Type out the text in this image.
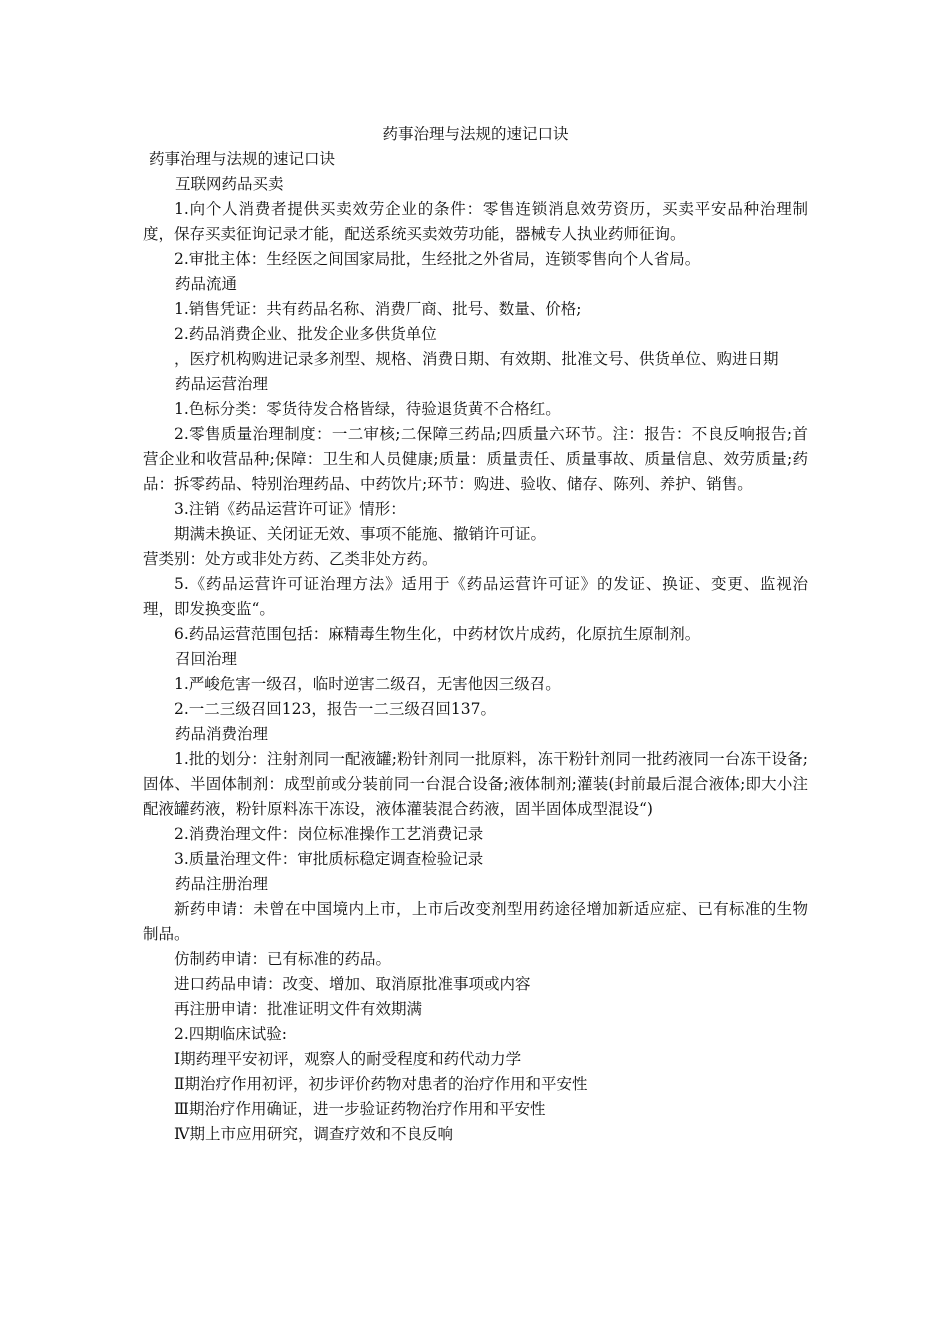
药事治理与法规的速记口诀

药事治理与法规的速记口诀

互联网药品买卖

1.向个人消费者提供买卖效劳企业的条件：零售连锁消息效劳资历，买卖平安品种治理制度，保存买卖征询记录才能，配送系统买卖效劳功能，器械专人执业药师征询。

2.审批主体：生经医之间国家局批，生经批之外省局，连锁零售向个人省局。

药品流通

1.销售凭证：共有药品名称、消费厂商、批号、数量、价格;

2.药品消费企业、批发企业多供货单位

，医疗机构购进记录多剂型、规格、消费日期、有效期、批准文号、供货单位、购进日期

药品运营治理

1.色标分类：零货待发合格皆绿，待验退货黄不合格红。

2.零售质量治理制度：一二审核;二保障三药品;四质量六环节。注：报告：不良反响报告;首营企业和收营品种;保障：卫生和人员健康;质量：质量责任、质量事故、质量信息、效劳质量;药品：拆零药品、特别治理药品、中药饮片;环节：购进、验收、储存、陈列、养护、销售。

3.注销《药品运营许可证》情形：

期满未换证、关闭证无效、事项不能施、撤销许可证。

营类别：处方或非处方药、乙类非处方药。

5.《药品运营许可证治理方法》适用于《药品运营许可证》的发证、换证、变更、监视治理，即发换变监“。

6.药品运营范围包括：麻精毒生物生化，中药材饮片成药，化原抗生原制剂。

召回治理

1.严峻危害一级召，临时逆害二级召，无害他因三级召。

2.一二三级召回123，报告一二三级召回137。

药品消费治理

1.批的划分：注射剂同一配液罐;粉针剂同一批原料，冻干粉针剂同一批药液同一台冻干设备;固体、半固体制剂：成型前或分装前同一台混合设备;液体制剂;灌装(封前最后混合液体;即大小注配液罐药液，粉针原料冻干冻设，液体灌装混合药液，固半固体成型混设“)

2.消费治理文件：岗位标准操作工艺消费记录

3.质量治理文件：审批质标稳定调查检验记录

药品注册治理

新药申请：未曾在中国境内上市，上市后改变剂型用药途径增加新适应症、已有标准的生物制品。

仿制药申请：已有标准的药品。

进口药品申请：改变、增加、取消原批准事项或内容

再注册申请：批准证明文件有效期满

2.四期临床试验:

Ⅰ期药理平安初评，观察人的耐受程度和药代动力学

Ⅱ期治疗作用初评，初步评价药物对患者的治疗作用和平安性

Ⅲ期治疗作用确证，进一步验证药物治疗作用和平安性

Ⅳ期上市应用研究，调查疗效和不良反响
